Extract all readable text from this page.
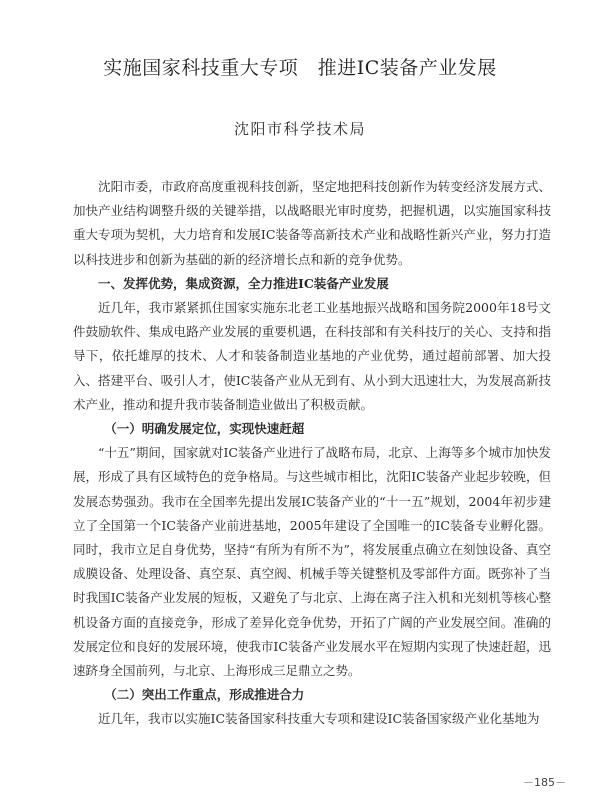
实施国家科技重大专项　推进IC装备产业发展
沈阳市科学技术局

沈阳市委，市政府高度重视科技创新，坚定地把科技创新作为转变经济发展方式、加快产业结构调整升级的关键举措，以战略眼光审时度势，把握机遇，以实施国家科技重大专项为契机，大力培育和发展IC装备等高新技术产业和战略性新兴产业，努力打造以科技进步和创新为基础的新的经济增长点和新的竞争优势。

一、发挥优势，集成资源，全力推进IC装备产业发展

近几年，我市紧紧抓住国家实施东北老工业基地振兴战略和国务院2000年18号文件鼓励软件、集成电路产业发展的重要机遇，在科技部和有关科技厅的关心、支持和指导下，依托雄厚的技术、人才和装备制造业基地的产业优势，通过超前部署、加大投入、搭建平台、吸引人才，使IC装备产业从无到有、从小到大迅速壮大，为发展高新技术产业，推动和提升我市装备制造业做出了积极贡献。

（一）明确发展定位，实现快速赶超

“十五”期间，国家就对IC装备产业进行了战略布局，北京、上海等多个城市加快发展，形成了具有区域特色的竞争格局。与这些城市相比，沈阳IC装备产业起步较晚，但发展态势强劲。我市在全国率先提出发展IC装备产业的“十一五”规划，2004年初步建立了全国第一个IC装备产业前进基地，2005年建设了全国唯一的IC装备专业孵化器。同时，我市立足自身优势，坚持“有所为有所不为”，将发展重点确立在刻蚀设备、真空成膜设备、处理设备、真空泵、真空阀、机械手等关键整机及零部件方面。既弥补了当时我国IC装备产业发展的短板，又避免了与北京、上海在离子注入机和光刻机等核心整机设备方面的直接竞争，形成了差异化竞争优势，开拓了广阔的产业发展空间。准确的发展定位和良好的发展环境，使我市IC装备产业发展水平在短期内实现了快速赶超，迅速跻身全国前列，与北京、上海形成三足鼎立之势。

（二）突出工作重点，形成推进合力

近几年，我市以实施IC装备国家科技重大专项和建设IC装备国家级产业化基地为

－185－
